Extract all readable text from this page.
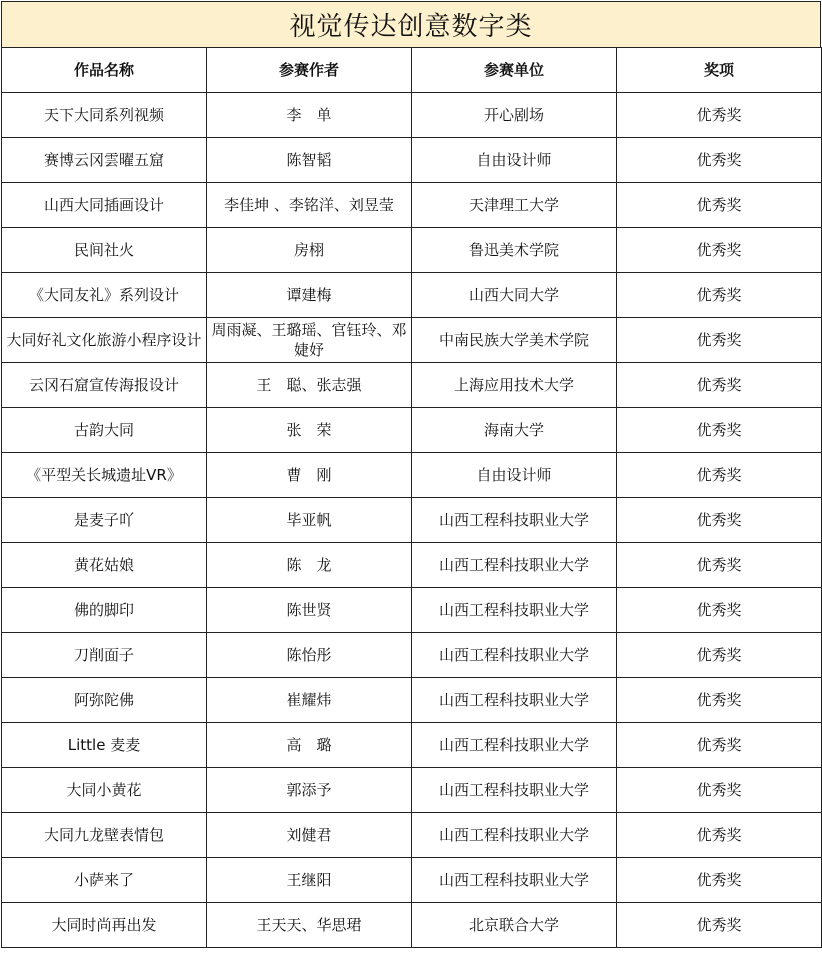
视觉传达创意数字类
作品名称	参赛作者	参赛单位	奖项
天下大同系列视频	李　单	开心剧场	优秀奖
赛博云冈雲曜五窟	陈智韬	自由设计师	优秀奖
山西大同插画设计	李佳坤 、李铭洋、刘昱莹	天津理工大学	优秀奖
民间社火	房栩	鲁迅美术学院	优秀奖
《大同友礼》系列设计	谭建梅	山西大同大学	优秀奖
大同好礼文化旅游小程序设计	周雨凝、王璐瑶、官钰玲、邓婕妤	中南民族大学美术学院	优秀奖
云冈石窟宣传海报设计	王　聪、张志强	上海应用技术大学	优秀奖
古韵大同	张　荣	海南大学	优秀奖
《平型关长城遗址VR》	曹　刚	自由设计师	优秀奖
是麦子吖	毕亚帆	山西工程科技职业大学	优秀奖
黄花姑娘	陈　龙	山西工程科技职业大学	优秀奖
佛的脚印	陈世贤	山西工程科技职业大学	优秀奖
刀削面子	陈怡彤	山西工程科技职业大学	优秀奖
阿弥陀佛	崔耀炜	山西工程科技职业大学	优秀奖
Little 麦麦	高　璐	山西工程科技职业大学	优秀奖
大同小黄花	郭添予	山西工程科技职业大学	优秀奖
大同九龙壁表情包	刘健君	山西工程科技职业大学	优秀奖
小萨来了	王继阳	山西工程科技职业大学	优秀奖
大同时尚再出发	王天天、华思珺	北京联合大学	优秀奖
